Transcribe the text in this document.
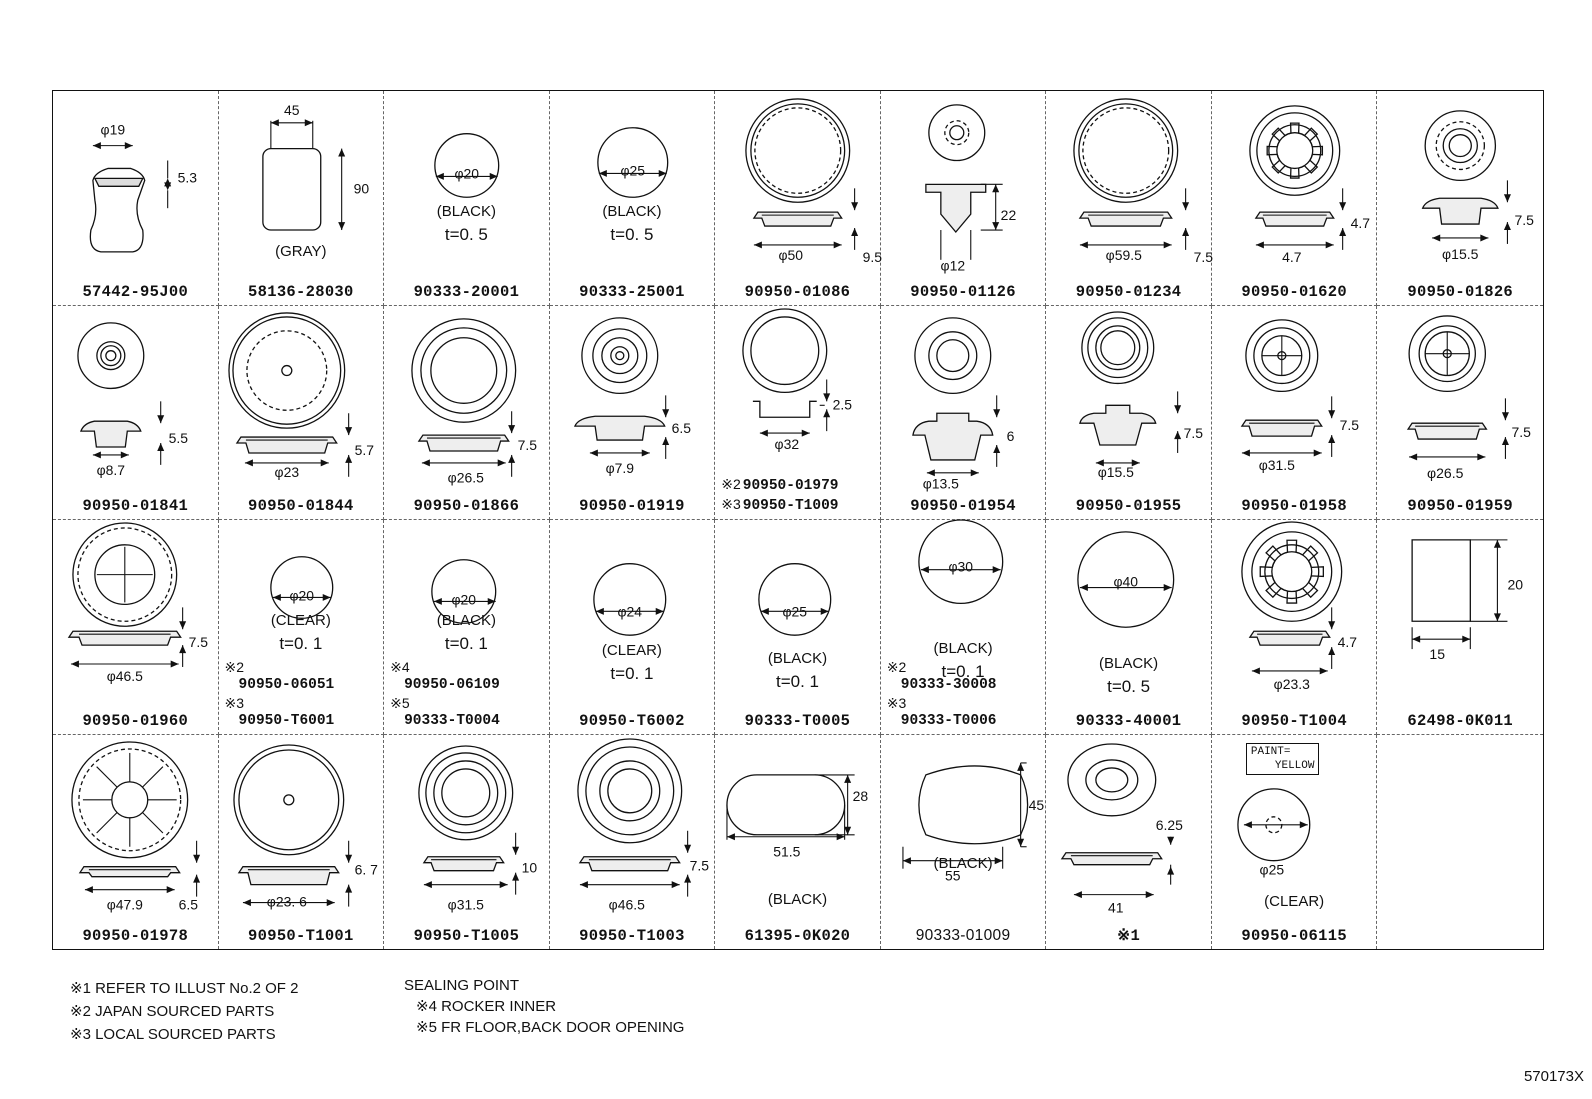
φ19
5.3
57442-95J00
45
90
(GRAY)
58136-28030
φ20
(BLACK)
t=0. 5
90333-20001
φ25
(BLACK)
t=0. 5
90333-25001
φ50	9.5
90950-01086
φ12
22
90950-01126
φ59.5	7.5
90950-01234
4.7
4.7
90950-01620
φ15.5
7.5
90950-01826
φ8.7
5.5
90950-01841
φ23
5.7
90950-01844
φ26.5
7.5
90950-01866
φ7.9
6.5
90950-01919
2.5
φ32
※2 90950-01979
※3 90950-T1009
φ13.5
6
90950-01954
φ15.5
7.5
90950-01955
φ31.5
7.5
90950-01958
φ26.5
7.5
90950-01959
φ46.5
7.5
90950-01960
φ20
(CLEAR)
t=0. 1
※2
90950-06051
※3
90950-T6001
φ20
(BLACK)
t=0. 1
※4
90950-06109
※5
90333-T0004
φ24
(CLEAR)
t=0. 1
90950-T6002
φ25
(BLACK)
t=0. 1
90333-T0005
φ30
(BLACK)
t=0. 1
※2
90333-30008
※3
90333-T0006
φ40
(BLACK)
t=0. 5
90333-40001
φ23.3
4.7
90950-T1004
20
15
62498-0K011
φ47.9	6.5
90950-01978
φ23. 6
6. 7
90950-T1001
φ31.5
10
90950-T1005
φ46.5
7.5
90950-T1003
28
51.5
(BLACK)
61395-0K020
45
55
(BLACK)
90333-01009
41
6.25
※1
φ25
PAINT=
YELLOW
(CLEAR)
90950-06115
※1 REFER TO ILLUST No.2 OF 2
※2 JAPAN SOURCED PARTS
※3 LOCAL SOURCED PARTS
SEALING POINT
※4 ROCKER INNER
※5 FR FLOOR,BACK DOOR OPENING
570173X
